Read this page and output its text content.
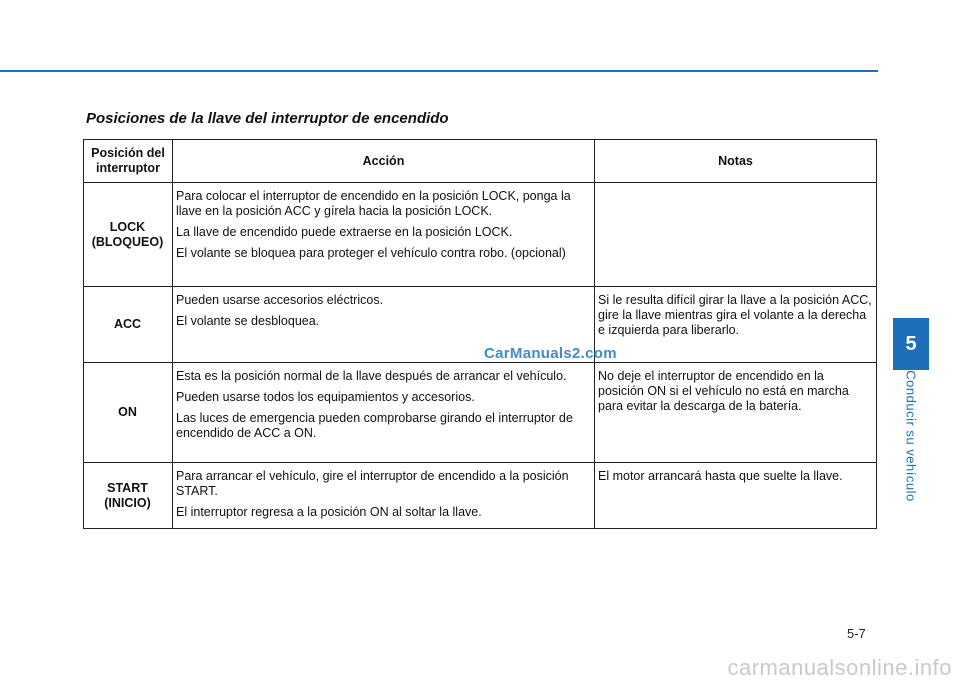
Posiciones de la llave del interruptor de encendido
Posición del interruptor	Acción	Notas
LOCK (BLOQUEO)	Para colocar el interruptor de encendido en la posición LOCK, ponga la llave en la posición ACC y gírela hacia la posición LOCK.

La llave de encendido puede extraerse en la posición LOCK.

El volante se bloquea para proteger el vehículo contra robo. (opcional)	

ACC	Pueden usarse accesorios eléctricos.

El volante se desbloquea.	Si le resulta difícil girar la llave a la posición ACC, gire la llave mientras gira el volante a la derecha e izquierda para liberarlo.

ON	Esta es la posición normal de la llave después de arrancar el vehículo.

Pueden usarse todos los equipamientos y accesorios.

Las luces de emergencia pueden comprobarse girando el interruptor de encendido de ACC a ON.	No deje el interruptor de encendido en la posición ON si el vehículo no está en marcha para evitar la descarga de la batería.

START (INICIO)	Para arrancar el vehículo, gire el interruptor de encendido a la posición START.

El interruptor regresa a la posición ON al soltar la llave.	El motor arrancará hasta que suelte la llave.

CarManuals2.com	5
Conducir su vehículo
5-7
carmanualsonline.info
